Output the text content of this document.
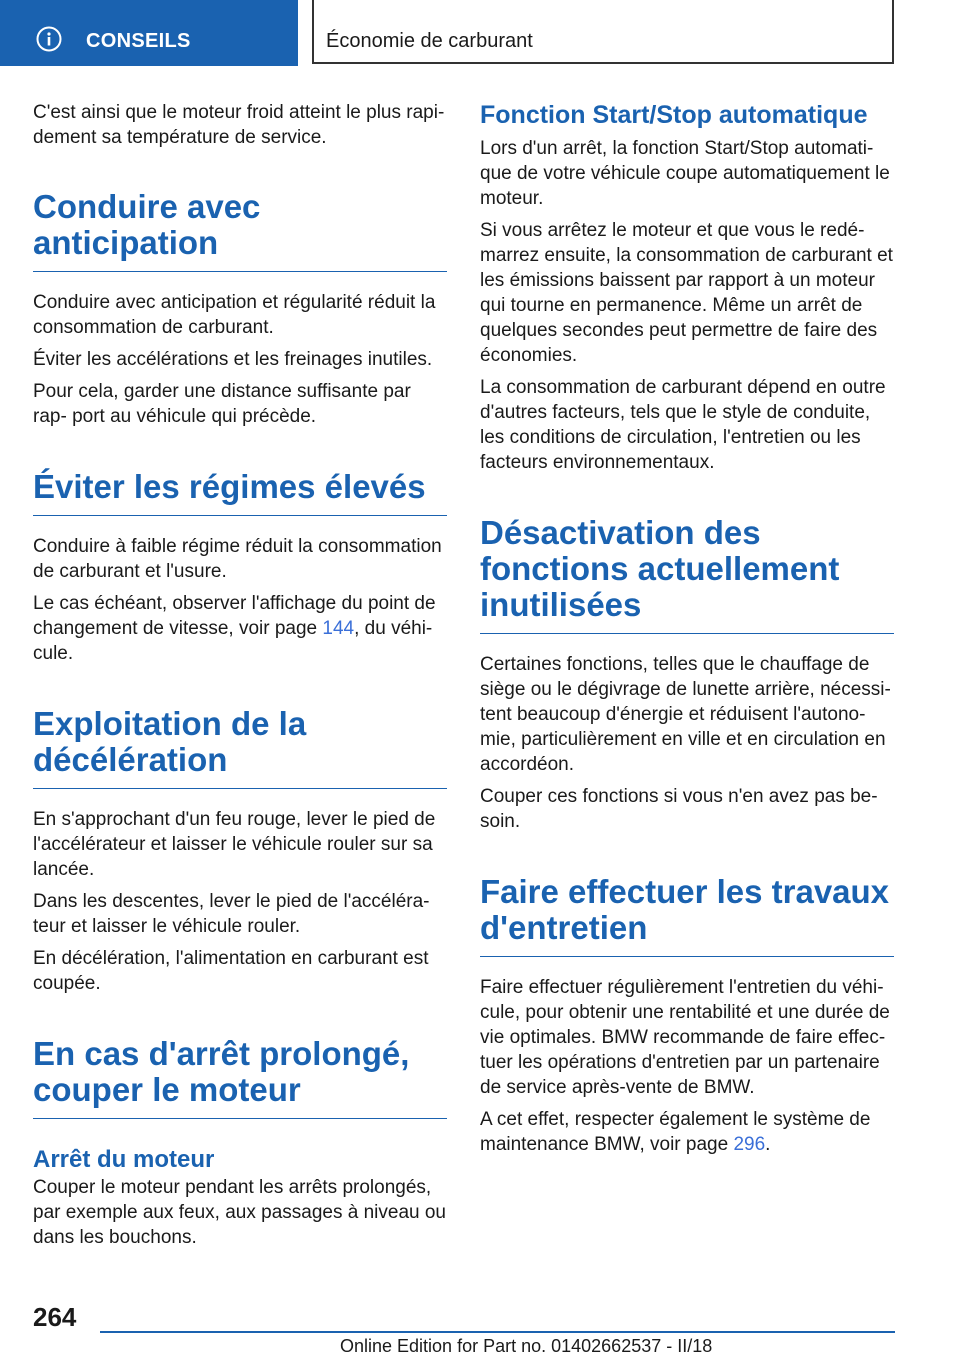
CONSEILS	Économie de carburant

C'est ainsi que le moteur froid atteint le plus rapi- dement sa température de service.

Conduire avec anticipation

Conduire avec anticipation et régularité réduit la consommation de carburant.

Éviter les accélérations et les freinages inutiles.

Pour cela, garder une distance suffisante par rap- port au véhicule qui précède.

Éviter les régimes élevés

Conduire à faible régime réduit la consommation de carburant et l'usure.

Le cas échéant, observer l'affichage du point de changement de vitesse, voir page 144, du véhi- cule.

Exploitation de la décélération

En s'approchant d'un feu rouge, lever le pied de l'accélérateur et laisser le véhicule rouler sur sa lancée.

Dans les descentes, lever le pied de l'accéléra- teur et laisser le véhicule rouler.

En décélération, l'alimentation en carburant est coupée.

En cas d'arrêt prolongé, couper le moteur
Arrêt du moteur

Couper le moteur pendant les arrêts prolongés, par exemple aux feux, aux passages à niveau ou dans les bouchons.

Fonction Start/Stop automatique

Lors d'un arrêt, la fonction Start/Stop automati- que de votre véhicule coupe automatiquement le moteur.

Si vous arrêtez le moteur et que vous le redé- marrez ensuite, la consommation de carburant et les émissions baissent par rapport à un moteur qui tourne en permanence. Même un arrêt de quelques secondes peut permettre de faire des économies.

La consommation de carburant dépend en outre d'autres facteurs, tels que le style de conduite, les conditions de circulation, l'entretien ou les facteurs environnementaux.

Désactivation des fonctions actuellement inutilisées

Certaines fonctions, telles que le chauffage de siège ou le dégivrage de lunette arrière, nécessi- tent beaucoup d'énergie et réduisent l'autono- mie, particulièrement en ville et en circulation en accordéon.

Couper ces fonctions si vous n'en avez pas be- soin.

Faire effectuer les travaux d'entretien

Faire effectuer régulièrement l'entretien du véhi- cule, pour obtenir une rentabilité et une durée de vie optimales. BMW recommande de faire effec- tuer les opérations d'entretien par un partenaire de service après-vente de BMW.

A cet effet, respecter également le système de maintenance BMW, voir page 296.

264
Online Edition for Part no. 01402662537 - II/18
